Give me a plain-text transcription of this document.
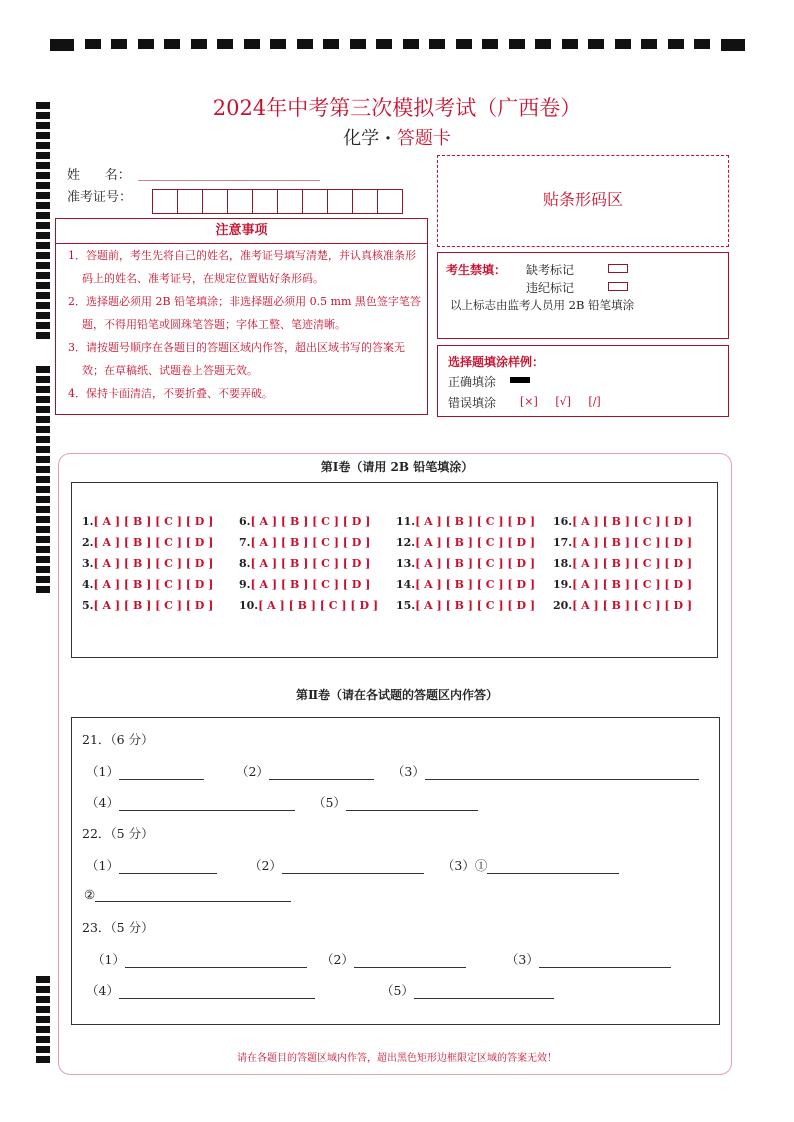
2024年中考第三次模拟考试（广西卷）
化学 · 答题卡
姓      名：
准考证号：
注意事项

1．答题前，考生先将自己的姓名，准考证号填写清楚，并认真核准条形码上的姓名、准考证号，在规定位置贴好条形码。

2．选择题必须用 2B 铅笔填涂；非选择题必须用 0.5 mm 黑色签字笔答题，不得用铅笔或圆珠笔答题；字体工整、笔迹清晰。

3．请按题号顺序在各题目的答题区域内作答，超出区域书写的答案无效；在草稿纸、试题卷上答题无效。

4．保持卡面清洁，不要折叠、不要弄破。

贴条形码区
考生禁填： 缺考标记
违纪标记
以上标志由监考人员用 2B 铅笔填涂
选择题填涂样例：
正确填涂
错误填涂 [×] [√] [/]
第Ⅰ卷（请用 2B 铅笔填涂）
1.[ A ] [ B ] [ C ] [ D ]
2.[ A ] [ B ] [ C ] [ D ]
3.[ A ] [ B ] [ C ] [ D ]
4.[ A ] [ B ] [ C ] [ D ]
5.[ A ] [ B ] [ C ] [ D ]
6.[ A ] [ B ] [ C ] [ D ]
7.[ A ] [ B ] [ C ] [ D ]
8.[ A ] [ B ] [ C ] [ D ]
9.[ A ] [ B ] [ C ] [ D ]
10.[ A ] [ B ] [ C ] [ D ]
11.[ A ] [ B ] [ C ] [ D ]
12.[ A ] [ B ] [ C ] [ D ]
13.[ A ] [ B ] [ C ] [ D ]
14.[ A ] [ B ] [ C ] [ D ]
15.[ A ] [ B ] [ C ] [ D ]
16.[ A ] [ B ] [ C ] [ D ]
17.[ A ] [ B ] [ C ] [ D ]
18.[ A ] [ B ] [ C ] [ D ]
19.[ A ] [ B ] [ C ] [ D ]
20.[ A ] [ B ] [ C ] [ D ]
第Ⅱ卷（请在各试题的答题区内作答）
21．（6 分）
（1）	（2）	（3）
（4）	（5）
22．（5 分）
（1）	（2）	（3）①
②
23．（5 分）
（1）	（2）	（3）
（4）	（5）
请在各题目的答题区域内作答，超出黑色矩形边框限定区域的答案无效！
